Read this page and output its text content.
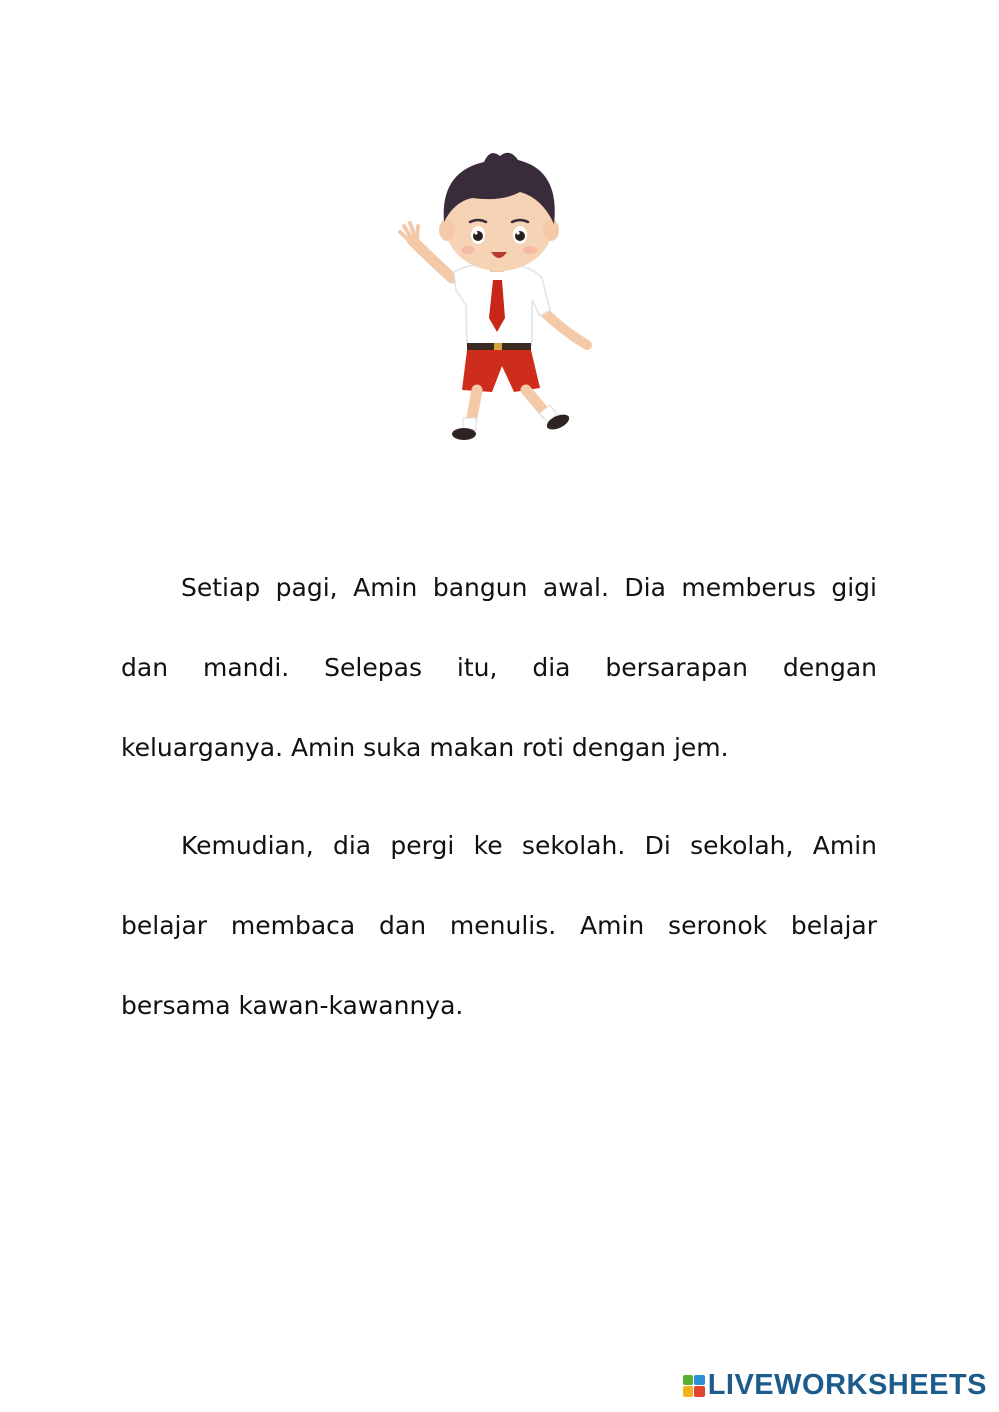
Setiap pagi, Amin bangun awal. Dia memberus gigi dan mandi. Selepas itu, dia bersarapan dengan keluarganya. Amin suka makan roti dengan jem.

Kemudian, dia pergi ke sekolah. Di sekolah, Amin belajar membaca dan menulis. Amin seronok belajar bersama kawan-kawannya.

LIVEWORKSHEETS
